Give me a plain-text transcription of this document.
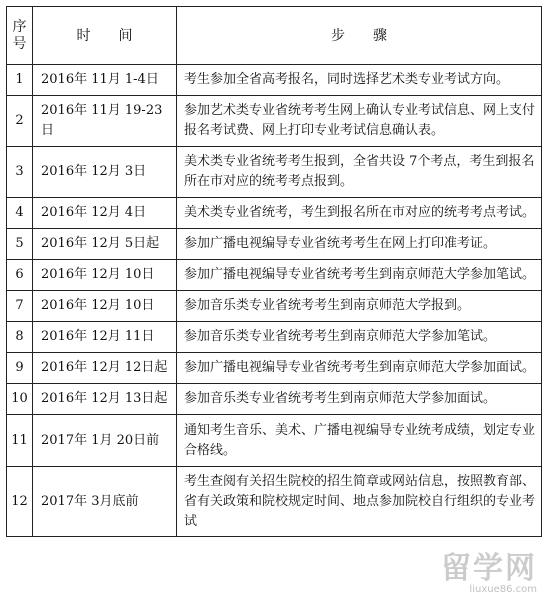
序
号	时　　间	步　　骤
1	2016年 11月 1-4日	考生参加全省高考报名，同时选择艺术类专业考试方向。
2	2016年 11月 19-23日	参加艺术类专业省统考考生网上确认专业考试信息、网上支付报名考试费、网上打印专业考试信息确认表。
3	2016年 12月 3日	美术类专业省统考考生报到，全省共设 7个考点，考生到报名所在市对应的统考考点报到。
4	2016年 12月 4日	美术类专业省统考，考生到报名所在市对应的统考考点考试。
5	2016年 12月 5日起	参加广播电视编导专业省统考考生在网上打印准考证。
6	2016年 12月 10日	参加广播电视编导专业省统考考生到南京师范大学参加笔试。
7	2016年 12月 10日	参加音乐类专业省统考考生到南京师范大学报到。
8	2016年 12月 11日	参加音乐类专业省统考考生到南京师范大学参加笔试。
9	2016年 12月 12日起	参加广播电视编导专业省统考考生到南京师范大学参加面试。
10	2016年 12月 13日起	参加音乐类专业省统考考生到南京师范大学参加面试。
11	2017年 1月 20日前	通知考生音乐、美术、广播电视编导专业统考成绩，划定专业合格线。
12	2017年 3月底前	考生查阅有关招生院校的招生简章或网站信息，按照教育部、省有关政策和院校规定时间、地点参加院校自行组织的专业考试
留学网
liuxue86.com
